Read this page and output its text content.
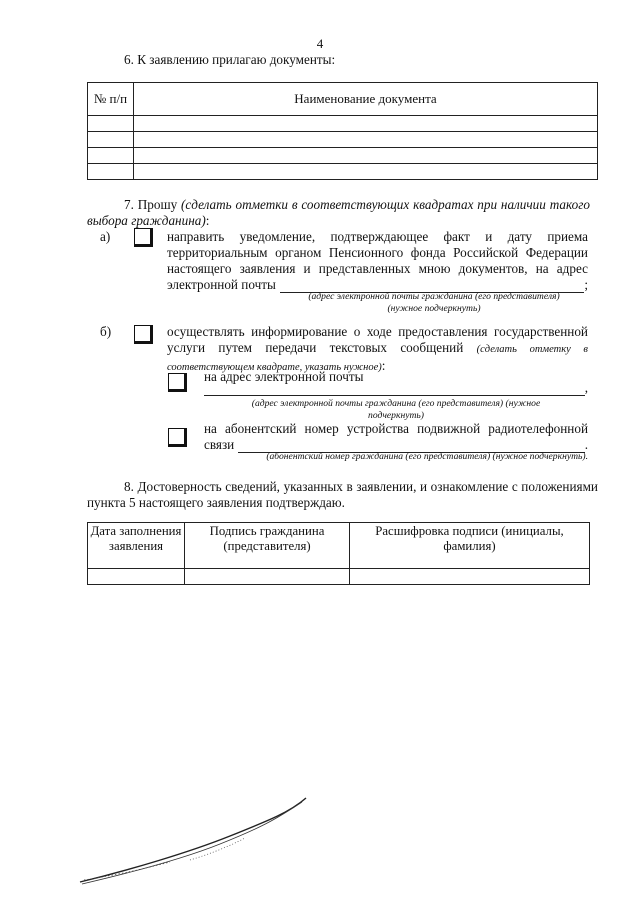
4
6. К заявлению прилагаю документы:
№ п/п	Наименование документа

7. Прошу (сделать отметки в соответствующих квадратах при наличии такого
выбора гражданина):
а)	направить уведомление, подтверждающее факт и дату приема
территориальным органом Пенсионного фонда Российской Федерации
настоящего заявления и представленных мною документов, на адрес
электронной почты	;
(адрес электронной почты гражданина (его представителя)
(нужное подчеркнуть)
б)	осуществлять информирование о ходе предоставления государственной
услуги путем передачи текстовых сообщений (сделать отметку в
соответствующем квадрате, указать нужное):
на адрес электронной почты
,
(адрес электронной почты гражданина (его представителя) (нужное
подчеркнуть)
на абонентский номер устройства подвижной радиотелефонной
связи	.
(абонентский номер гражданина (его представителя) (нужное подчеркнуть).
8. Достоверность сведений, указанных в заявлении, и ознакомление с положениями
пункта 5 настоящего заявления подтверждаю.
Дата заполнения заявления	Подпись гражданина (представителя)	Расшифровка подписи (инициалы, фамилия)
